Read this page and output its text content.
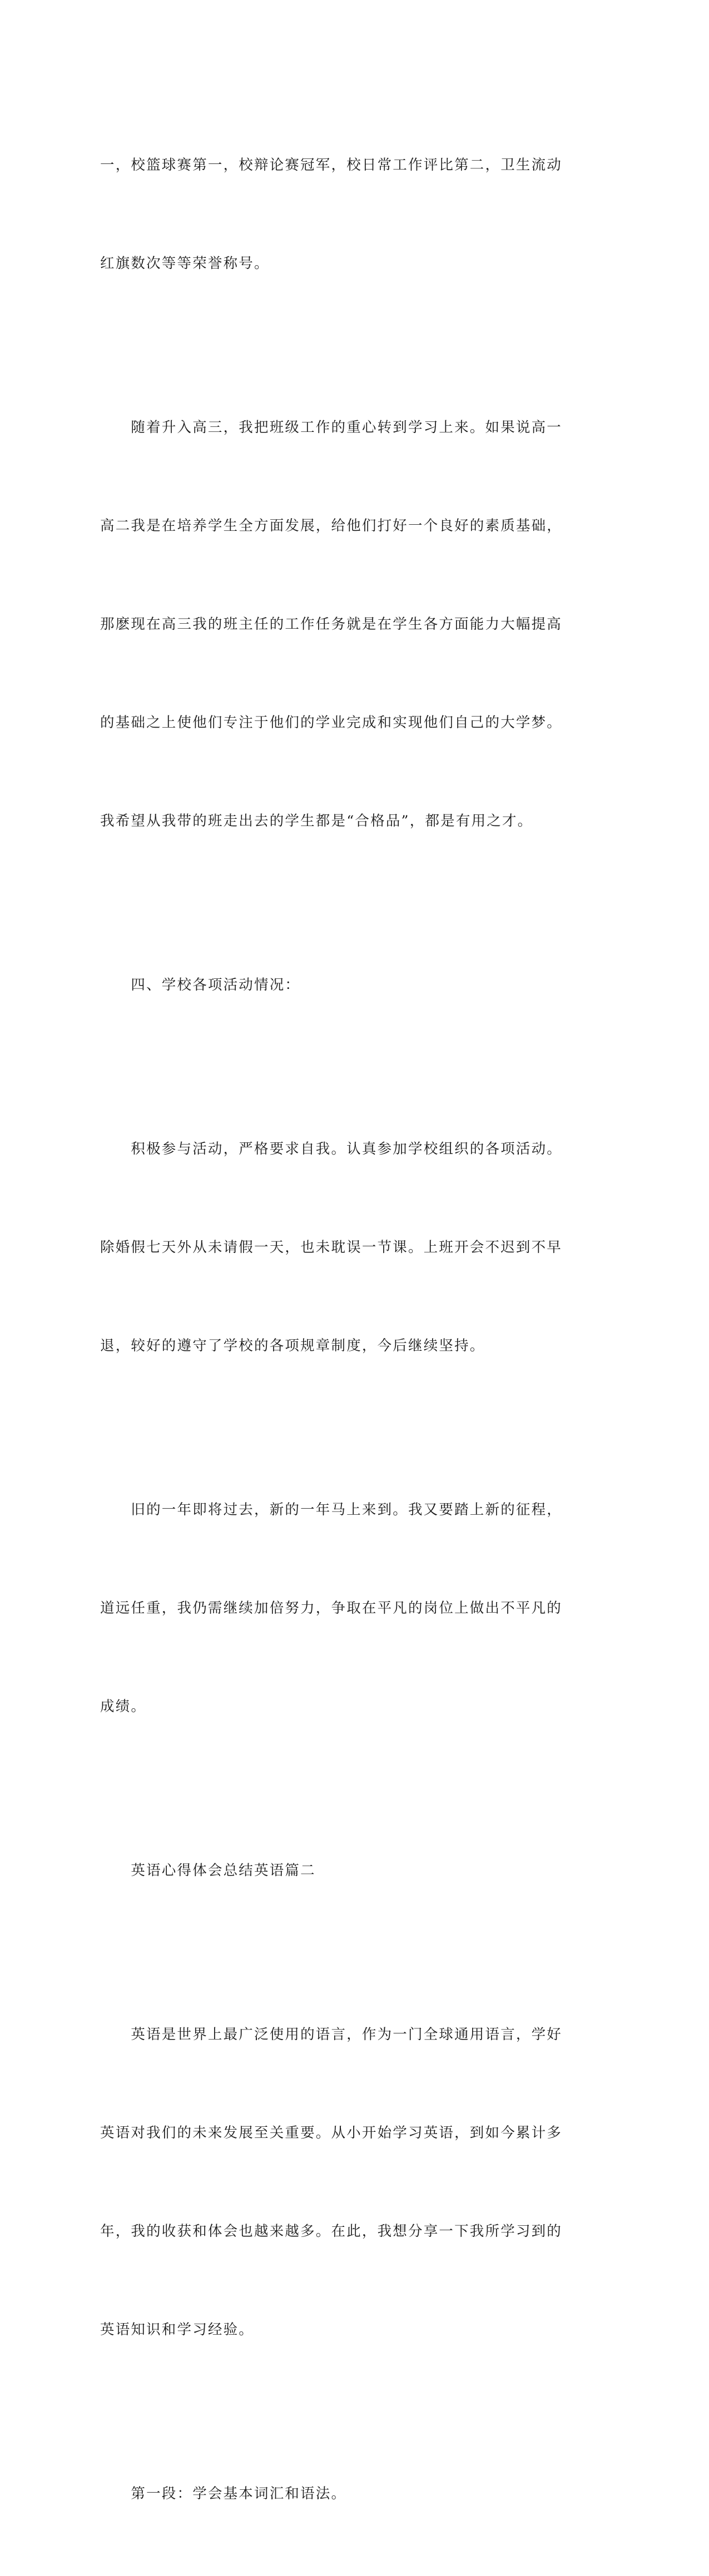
一，校篮球赛第一，校辩论赛冠军，校日常工作评比第二，卫生流动

红旗数次等等荣誉称号。

　　随着升入高三，我把班级工作的重心转到学习上来。如果说高一

高二我是在培养学生全方面发展，给他们打好一个良好的素质基础，

那麽现在高三我的班主任的工作任务就是在学生各方面能力大幅提高

的基础之上使他们专注于他们的学业完成和实现他们自己的大学梦。

我希望从我带的班走出去的学生都是“合格品”，都是有用之才。

　　四、学校各项活动情况：

　　积极参与活动，严格要求自我。认真参加学校组织的各项活动。

除婚假七天外从未请假一天，也未耽误一节课。上班开会不迟到不早

退，较好的遵守了学校的各项规章制度，今后继续坚持。

　　旧的一年即将过去，新的一年马上来到。我又要踏上新的征程，

道远任重，我仍需继续加倍努力，争取在平凡的岗位上做出不平凡的

成绩。

　　英语心得体会总结英语篇二

　　英语是世界上最广泛使用的语言，作为一门全球通用语言，学好

英语对我们的未来发展至关重要。从小开始学习英语，到如今累计多

年，我的收获和体会也越来越多。在此，我想分享一下我所学习到的

英语知识和学习经验。

　　第一段：学会基本词汇和语法。
